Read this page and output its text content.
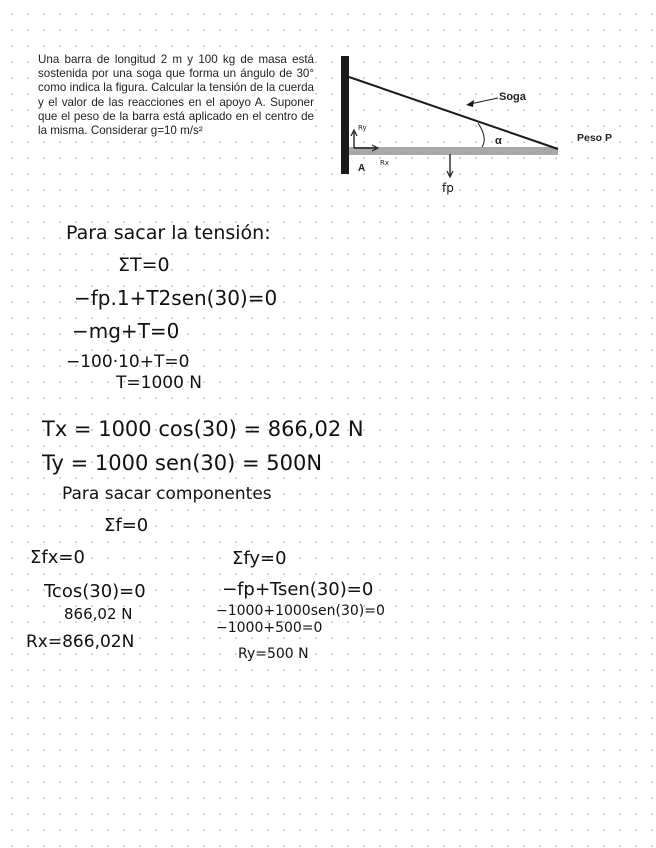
Una barra de longitud 2 m y 100 kg de masa está sostenida por una soga que forma un ángulo de 30° como indica la figura. Calcular la tensión de la cuerda y el valor de las reacciones en el apoyo A. Suponer que el peso de la barra está aplicado en el centro de la misma. Considerar g=10 m/s²	Ry
Rx
Soga
α	Peso P
A
fp
Para sacar la tensión:
ΣT=0
−fp.1+T2sen(30)=0
−mg+T=0
−100·10+T=0
T=1000 N
Tx = 1000 cos(30) = 866,02 N
Ty = 1000 sen(30) = 500N
Para sacar componentes
Σf=0
Σfx=0
Tcos(30)=0
866,02 N
Rx=866,02N
Σfy=0
−fp+Tsen(30)=0
−1000+1000sen(30)=0
−1000+500=0
Ry=500 N
